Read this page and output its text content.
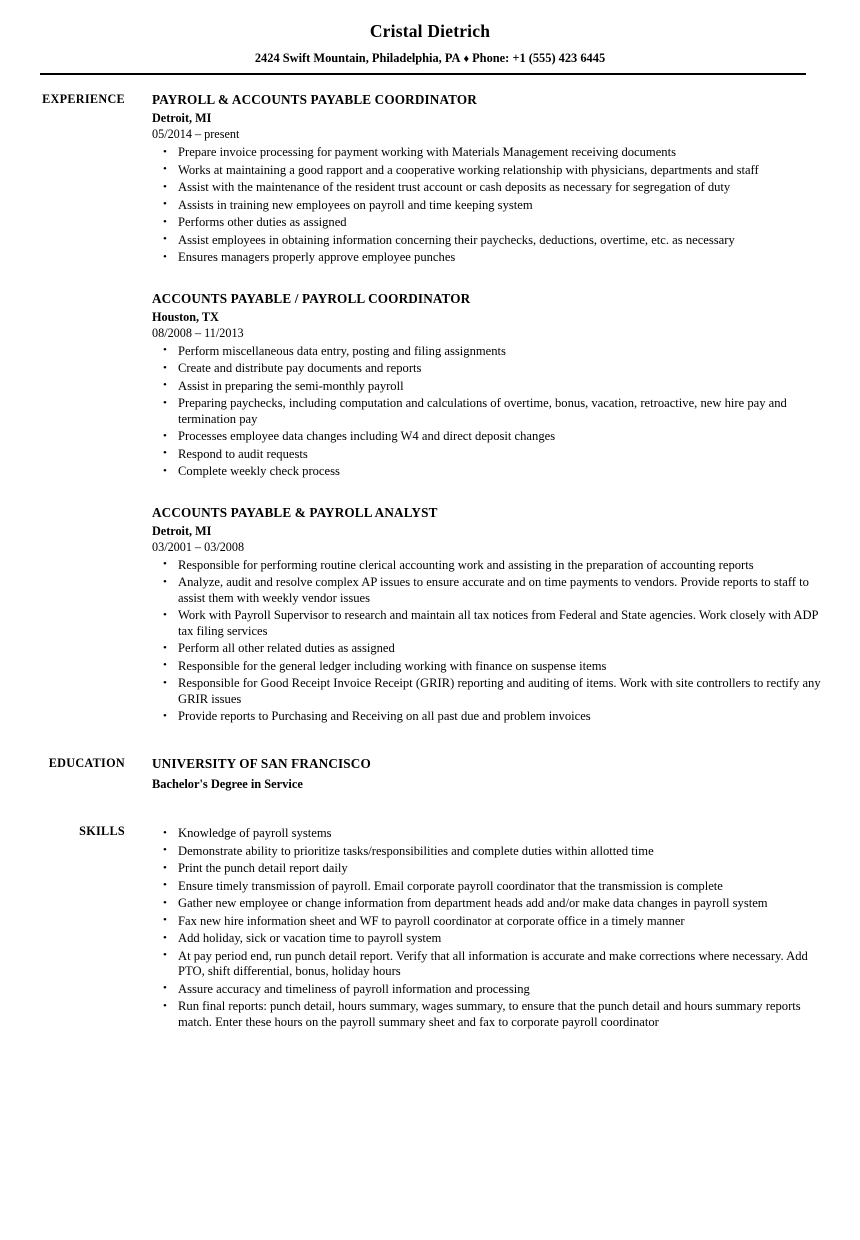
Cristal Dietrich
2424 Swift Mountain, Philadelphia, PA ♦ Phone: +1 (555) 423 6445
EXPERIENCE PAYROLL & ACCOUNTS PAYABLE COORDINATOR
Detroit, MI
05/2014 – present
• Prepare invoice processing for payment working with Materials Management receiving documents
• Works at maintaining a good rapport and a cooperative working relationship with physicians, departments and staff
• Assist with the maintenance of the resident trust account or cash deposits as necessary for segregation of duty
• Assists in training new employees on payroll and time keeping system
• Performs other duties as assigned
• Assist employees in obtaining information concerning their paychecks, deductions, overtime, etc. as necessary
• Ensures managers properly approve employee punches
ACCOUNTS PAYABLE / PAYROLL COORDINATOR
Houston, TX
08/2008 – 11/2013
• Perform miscellaneous data entry, posting and filing assignments
• Create and distribute pay documents and reports
• Assist in preparing the semi-monthly payroll
• Preparing paychecks, including computation and calculations of overtime, bonus, vacation, retroactive, new hire pay and termination pay
• Processes employee data changes including W4 and direct deposit changes
• Respond to audit requests
• Complete weekly check process
ACCOUNTS PAYABLE & PAYROLL ANALYST
Detroit, MI
03/2001 – 03/2008
• Responsible for performing routine clerical accounting work and assisting in the preparation of accounting reports
• Analyze, audit and resolve complex AP issues to ensure accurate and on time payments to vendors. Provide reports to staff to assist them with weekly vendor issues
• Work with Payroll Supervisor to research and maintain all tax notices from Federal and State agencies. Work closely with ADP tax filing services
• Perform all other related duties as assigned
• Responsible for the general ledger including working with finance on suspense items
• Responsible for Good Receipt Invoice Receipt (GRIR) reporting and auditing of items. Work with site controllers to rectify any GRIR issues
• Provide reports to Purchasing and Receiving on all past due and problem invoices
EDUCATION UNIVERSITY OF SAN FRANCISCO
Bachelor's Degree in Service
SKILLS	• Knowledge of payroll systems
• Demonstrate ability to prioritize tasks/responsibilities and complete duties within allotted time
• Print the punch detail report daily
• Ensure timely transmission of payroll. Email corporate payroll coordinator that the transmission is complete
• Gather new employee or change information from department heads add and/or make data changes in payroll system
• Fax new hire information sheet and WF to payroll coordinator at corporate office in a timely manner
• Add holiday, sick or vacation time to payroll system
• At pay period end, run punch detail report. Verify that all information is accurate and make corrections where necessary. Add PTO, shift differential, bonus, holiday hours
• Assure accuracy and timeliness of payroll information and processing
• Run final reports: punch detail, hours summary, wages summary, to ensure that the punch detail and hours summary reports match. Enter these hours on the payroll summary sheet and fax to corporate payroll coordinator
